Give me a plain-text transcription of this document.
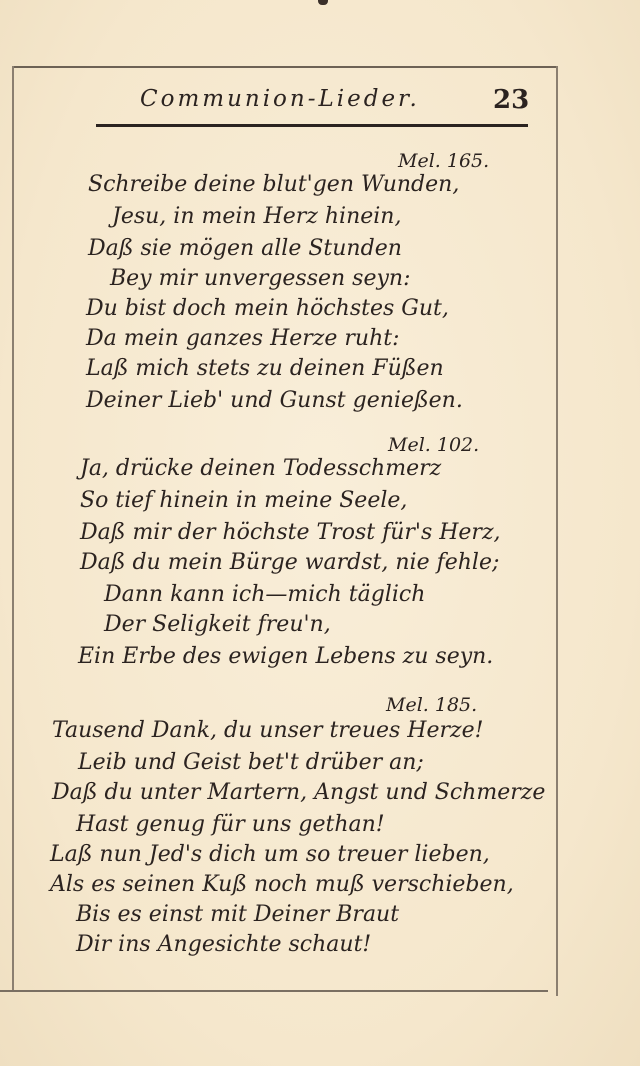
Communion-Lieder.	23
Mel. 165.
Schreibe deine blut'gen Wunden,
Jesu, in mein Herz hinein,
Daß sie mögen alle Stunden
Bey mir unvergessen seyn:
Du bist doch mein höchstes Gut,
Da mein ganzes Herze ruht:
Laß mich stets zu deinen Füßen
Deiner Lieb' und Gunst genießen.
Mel. 102.
Ja, drücke deinen Todesschmerz
So tief hinein in meine Seele,
Daß mir der höchste Trost für's Herz,
Daß du mein Bürge wardst, nie fehle;
Dann kann ich—mich täglich
Der Seligkeit freu'n,
Ein Erbe des ewigen Lebens zu seyn.
Mel. 185.
Tausend Dank, du unser treues Herze!
Leib und Geist bet't drüber an;
Daß du unter Martern, Angst und Schmerze
Hast genug für uns gethan!
Laß nun Jed's dich um so treuer lieben,
Als es seinen Kuß noch muß verschieben,
Bis es einst mit Deiner Braut
Dir ins Angesichte schaut!
